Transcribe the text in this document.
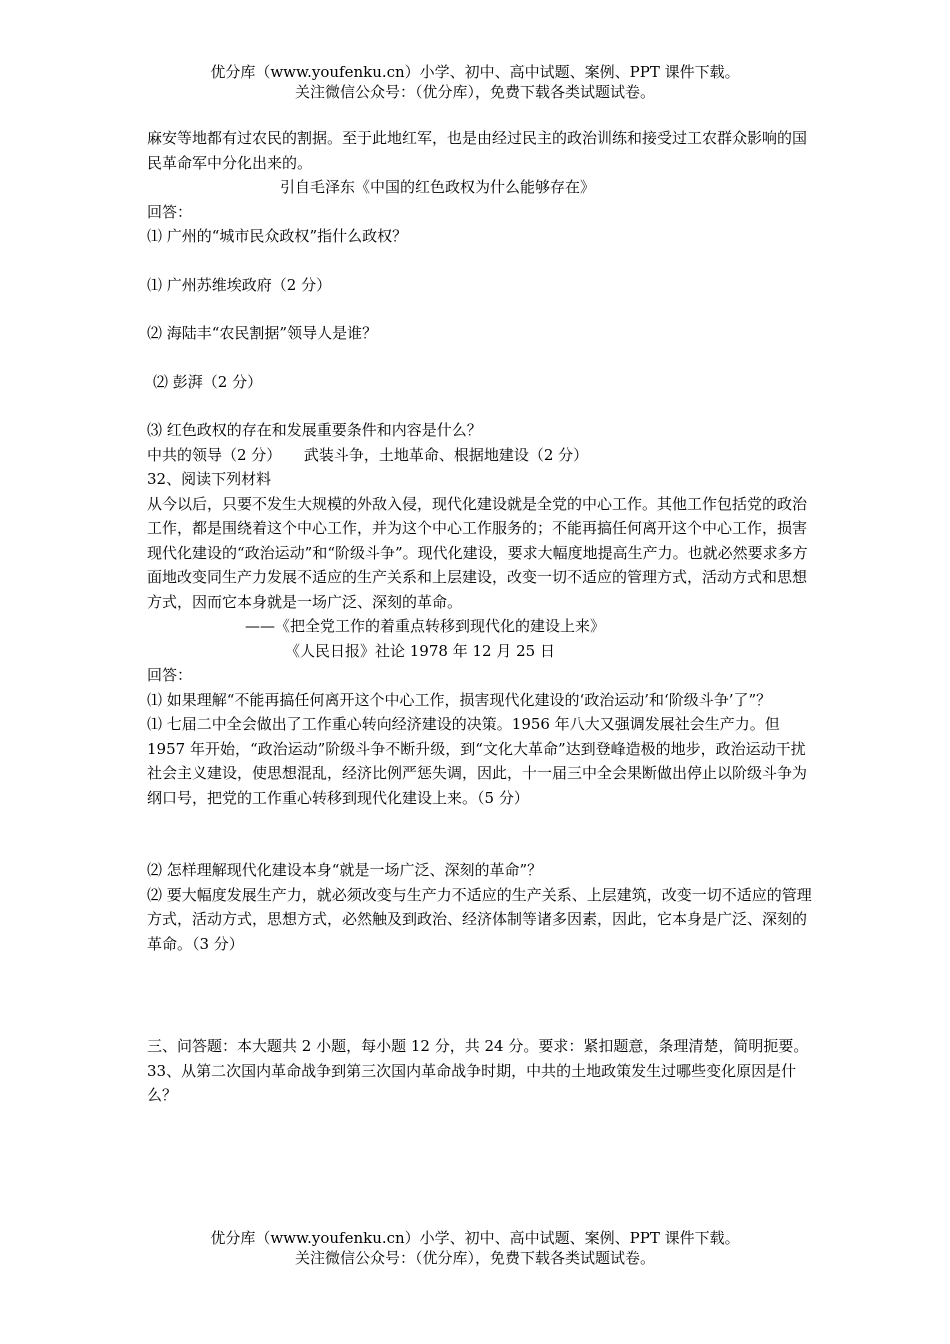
优分库（www.youfenku.cn）小学、初中、高中试题、案例、PPT 课件下载。
关注微信公众号：（优分库），免费下载各类试题试卷。

麻安等地都有过农民的割据。至于此地红军，也是由经过民主的政治训练和接受过工农群众影响的国民革命军中分化出来的。

引自毛泽东《中国的红色政权为什么能够存在》

回答：

⑴ 广州的“城市民众政权”指什么政权？

⑴ 广州苏维埃政府（2 分）

⑵ 海陆丰“农民割据”领导人是谁？

⑵ 彭湃（2 分）

⑶ 红色政权的存在和发展重要条件和内容是什么？

中共的领导（2 分）　　武装斗争，土地革命、根据地建设（2 分）

32、阅读下列材料

从今以后，只要不发生大规模的外敌入侵，现代化建设就是全党的中心工作。其他工作包括党的政治工作，都是围绕着这个中心工作，并为这个中心工作服务的；不能再搞任何离开这个中心工作，损害现代化建设的“政治运动”和“阶级斗争”。现代化建设，要求大幅度地提高生产力。也就必然要求多方面地改变同生产力发展不适应的生产关系和上层建设，改变一切不适应的管理方式，活动方式和思想方式，因而它本身就是一场广泛、深刻的革命。

——《把全党工作的着重点转移到现代化的建设上来》

《人民日报》社论 1978 年 12 月 25 日

回答：

⑴ 如果理解“不能再搞任何离开这个中心工作，损害现代化建设的‘政治运动’和‘阶级斗争’了”？

⑴ 七届二中全会做出了工作重心转向经济建设的决策。1956 年八大又强调发展社会生产力。但 1957 年开始，“政治运动”阶级斗争不断升级，到“文化大革命”达到登峰造极的地步，政治运动干扰社会主义建设，使思想混乱，经济比例严惩失调，因此，十一届三中全会果断做出停止以阶级斗争为纲口号，把党的工作重心转移到现代化建设上来。（5 分）

⑵ 怎样理解现代化建设本身“就是一场广泛、深刻的革命”？

⑵ 要大幅度发展生产力，就必须改变与生产力不适应的生产关系、上层建筑，改变一切不适应的管理方式，活动方式，思想方式，必然触及到政治、经济体制等诸多因素，因此，它本身是广泛、深刻的革命。（3 分）

三、问答题：本大题共 2 小题，每小题 12 分，共 24 分。要求：紧扣题意，条理清楚，简明扼要。

33、从第二次国内革命战争到第三次国内革命战争时期，中共的土地政策发生过哪些变化原因是什么？

优分库（www.youfenku.cn）小学、初中、高中试题、案例、PPT 课件下载。
关注微信公众号：（优分库），免费下载各类试题试卷。
